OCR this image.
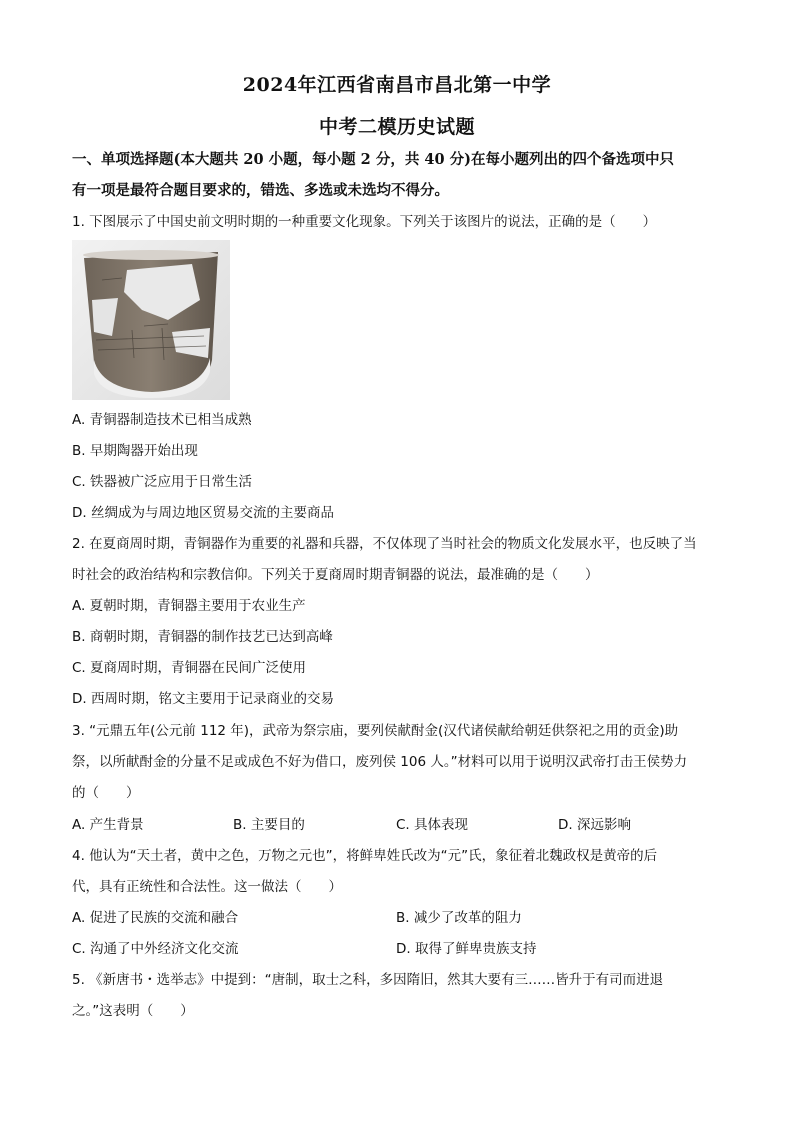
2024年江西省南昌市昌北第一中学
中考二模历史试题
一、单项选择题(本大题共 20 小题，每小题 2 分，共 40 分)在每小题列出的四个备选项中只
有一项是最符合题目要求的，错选、多选或未选均不得分。
1. 下图展示了中国史前文明时期的一种重要文化现象。下列关于该图片的说法，正确的是（　　）
A. 青铜器制造技术已相当成熟
B. 早期陶器开始出现
C. 铁器被广泛应用于日常生活
D. 丝绸成为与周边地区贸易交流的主要商品
2. 在夏商周时期，青铜器作为重要的礼器和兵器，不仅体现了当时社会的物质文化发展水平，也反映了当
时社会的政治结构和宗教信仰。下列关于夏商周时期青铜器的说法，最准确的是（　　）
A. 夏朝时期，青铜器主要用于农业生产
B. 商朝时期，青铜器的制作技艺已达到高峰
C. 夏商周时期，青铜器在民间广泛使用
D. 西周时期，铭文主要用于记录商业的交易
3. “元鼎五年(公元前 112 年)，武帝为祭宗庙，要列侯献酎金(汉代诸侯献给朝廷供祭祀之用的贡金)助
祭，以所献酎金的分量不足或成色不好为借口，废列侯 106 人。”材料可以用于说明汉武帝打击王侯势力
的（　　）
A. 产生背景	B. 主要目的	C. 具体表现	D. 深远影响
4. 他认为“天土者，黄中之色，万物之元也”，将鲜卑姓氏改为“元”氏，象征着北魏政权是黄帝的后
代，具有正统性和合法性。这一做法（　　）
A. 促进了民族的交流和融合	B. 减少了改革的阻力
C. 沟通了中外经济文化交流	D. 取得了鲜卑贵族支持
5. 《新唐书・选举志》中提到：“唐制，取士之科，多因隋旧，然其大要有三……皆升于有司而进退
之。”这表明（　　）
